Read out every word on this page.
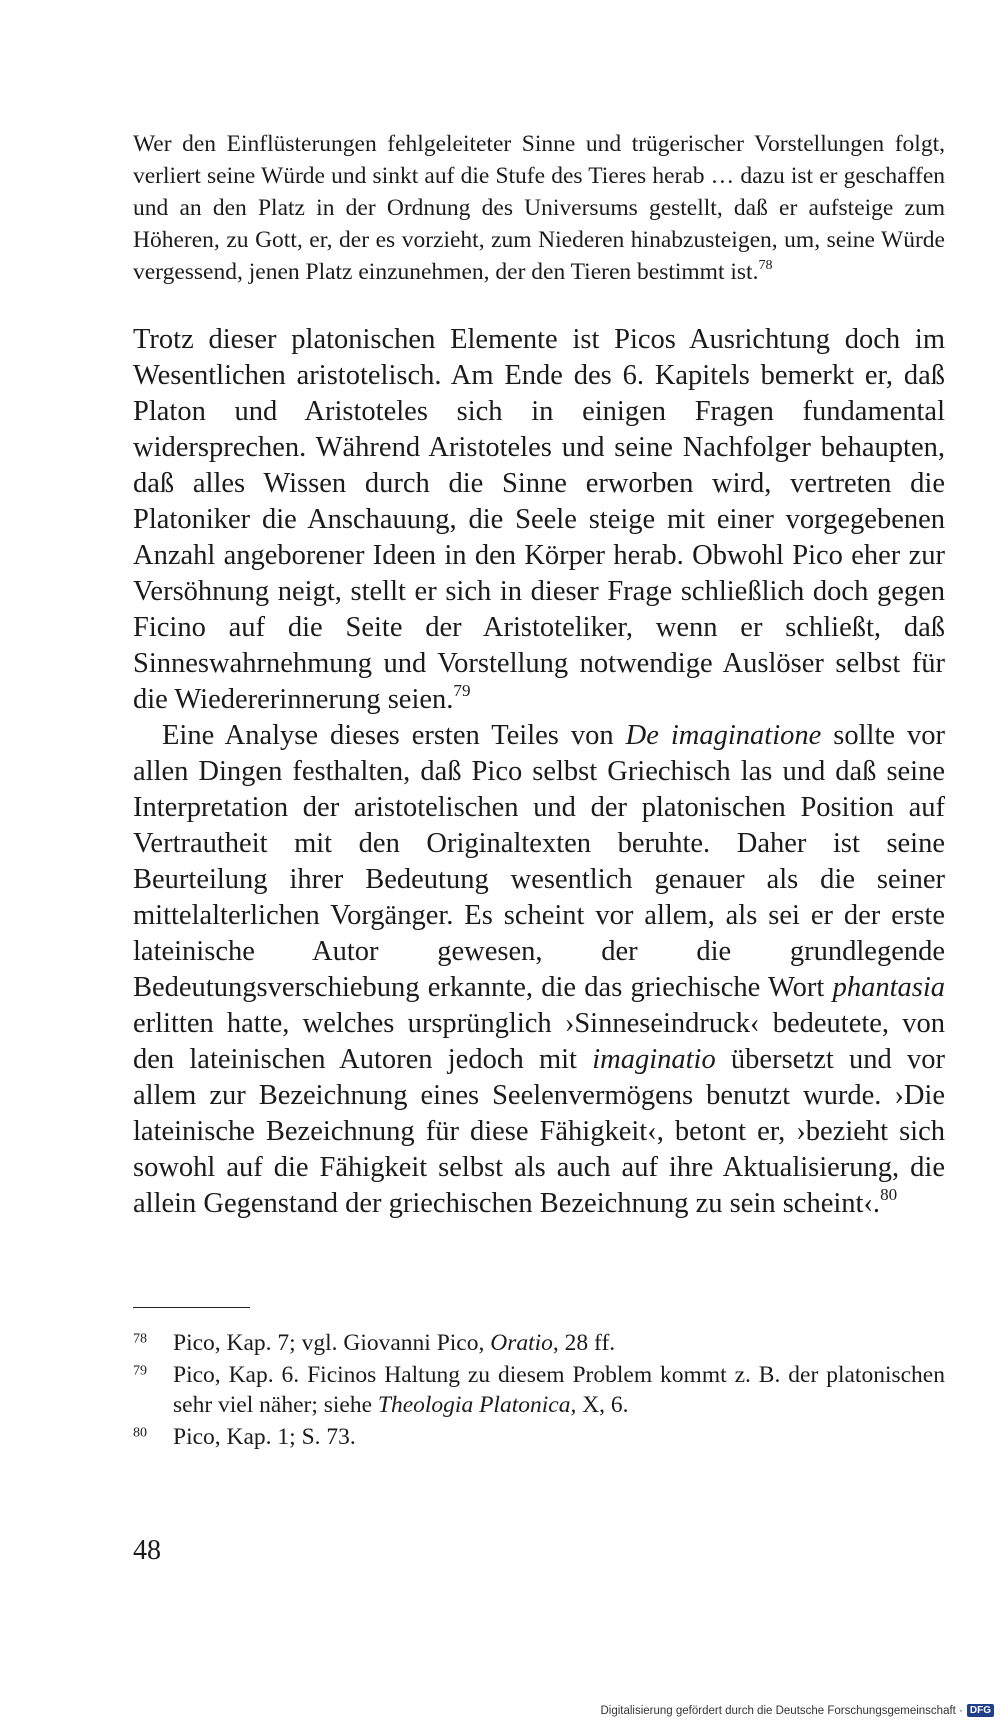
Wer den Einflüsterungen fehlgeleiteter Sinne und trügerischer Vorstellungen folgt, verliert seine Würde und sinkt auf die Stufe des Tieres herab … dazu ist er geschaffen und an den Platz in der Ordnung des Universums gestellt, daß er aufsteige zum Höheren, zu Gott, er, der es vorzieht, zum Niederen hinabzusteigen, um, seine Würde vergessend, jenen Platz einzunehmen, der den Tieren bestimmt ist.$^{78}$

Trotz dieser platonischen Elemente ist Picos Ausrichtung doch im Wesentlichen aristotelisch. Am Ende des 6. Kapitels bemerkt er, daß Platon und Aristoteles sich in einigen Fragen fundamental widersprechen. Während Aristoteles und seine Nachfolger behaupten, daß alles Wissen durch die Sinne erworben wird, vertreten die Platoniker die Anschauung, die Seele steige mit einer vorgegebenen Anzahl angeborener Ideen in den Körper herab. Obwohl Pico eher zur Versöhnung neigt, stellt er sich in dieser Frage schließlich doch gegen Ficino auf die Seite der Aristoteliker, wenn er schließt, daß Sinneswahrnehmung und Vorstellung notwendige Auslöser selbst für die Wiedererinnerung seien.$^{79}$

Eine Analyse dieses ersten Teiles von De imaginatione sollte vor allen Dingen festhalten, daß Pico selbst Griechisch las und daß seine Interpretation der aristotelischen und der platonischen Position auf Vertrautheit mit den Originaltexten beruhte. Daher ist seine Beurteilung ihrer Bedeutung wesentlich genauer als die seiner mittelalterlichen Vorgänger. Es scheint vor allem, als sei er der erste lateinische Autor gewesen, der die grundlegende Bedeutungsverschiebung erkannte, die das griechische Wort phantasia erlitten hatte, welches ursprünglich ›Sinneseindruck‹ bedeutete, von den lateinischen Autoren jedoch mit imaginatio übersetzt und vor allem zur Bezeichnung eines Seelenvermögens benutzt wurde. ›Die lateinische Bezeichnung für diese Fähigkeit‹, betont er, ›bezieht sich sowohl auf die Fähigkeit selbst als auch auf ihre Aktualisierung, die allein Gegenstand der griechischen Bezeichnung zu sein scheint‹.$^{80}$

$^{78}$	Pico, Kap. 7; vgl. Giovanni Pico, Oratio, 28 ff.
$^{79}$	Pico, Kap. 6. Ficinos Haltung zu diesem Problem kommt z. B. der platonischen sehr viel näher; siehe Theologia Platonica, X, 6.
$^{80}$	Pico, Kap. 1; S. 73.
48
Digitalisierung gefördert durch die Deutsche Forschungsgemeinschaft · DFG
